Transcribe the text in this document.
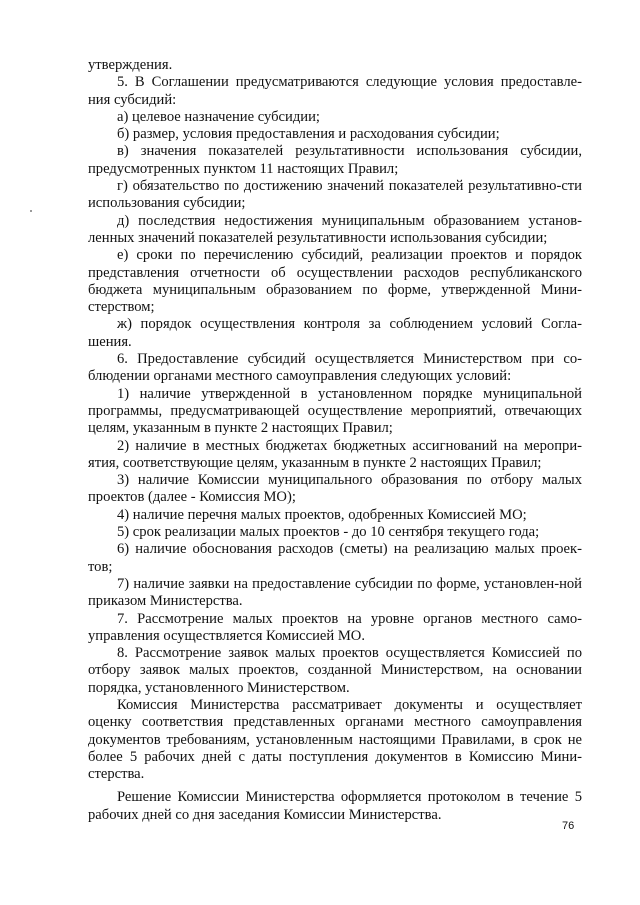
утверждения.

5. В Соглашении предусматриваются следующие условия предоставле-ния субсидий:

а) целевое назначение субсидии;

б) размер, условия предоставления и расходования субсидии;

в) значения показателей результативности использования субсидии, предусмотренных пунктом 11 настоящих Правил;

г) обязательство по достижению значений показателей результативно-сти использования субсидии;

д) последствия недостижения муниципальным образованием установ-ленных значений показателей результативности использования субсидии;

е) сроки по перечислению субсидий, реализации проектов и порядок представления отчетности об осуществлении расходов республиканского бюджета муниципальным образованием по форме, утвержденной Мини-стерством;

ж) порядок осуществления контроля за соблюдением условий Согла-шения.

6. Предоставление субсидий осуществляется Министерством при со-блюдении органами местного самоуправления следующих условий:

1) наличие утвержденной в установленном порядке муниципальной программы, предусматривающей осуществление мероприятий, отвечающих целям, указанным в пункте 2 настоящих Правил;

2) наличие в местных бюджетах бюджетных ассигнований на меропри-ятия, соответствующие целям, указанным в пункте 2 настоящих Правил;

3) наличие Комиссии муниципального образования по отбору малых проектов (далее - Комиссия МО);

4) наличие перечня малых проектов, одобренных Комиссией МО;

5) срок реализации малых проектов - до 10 сентября текущего года;

6) наличие обоснования расходов (сметы) на реализацию малых проек-тов;

7) наличие заявки на предоставление субсидии по форме, установлен-ной приказом Министерства.

7. Рассмотрение малых проектов на уровне органов местного само-управления осуществляется Комиссией МО.

8. Рассмотрение заявок малых проектов осуществляется Комиссией по отбору заявок малых проектов, созданной Министерством, на основании порядка, установленного Министерством.

Комиссия Министерства рассматривает документы и осуществляет оценку соответствия представленных органами местного самоуправления документов требованиям, установленным настоящими Правилами, в срок не более 5 рабочих дней с даты поступления документов в Комиссию Мини-стерства.

Решение Комиссии Министерства оформляется протоколом в течение 5 рабочих дней со дня заседания Комиссии Министерства.

76
